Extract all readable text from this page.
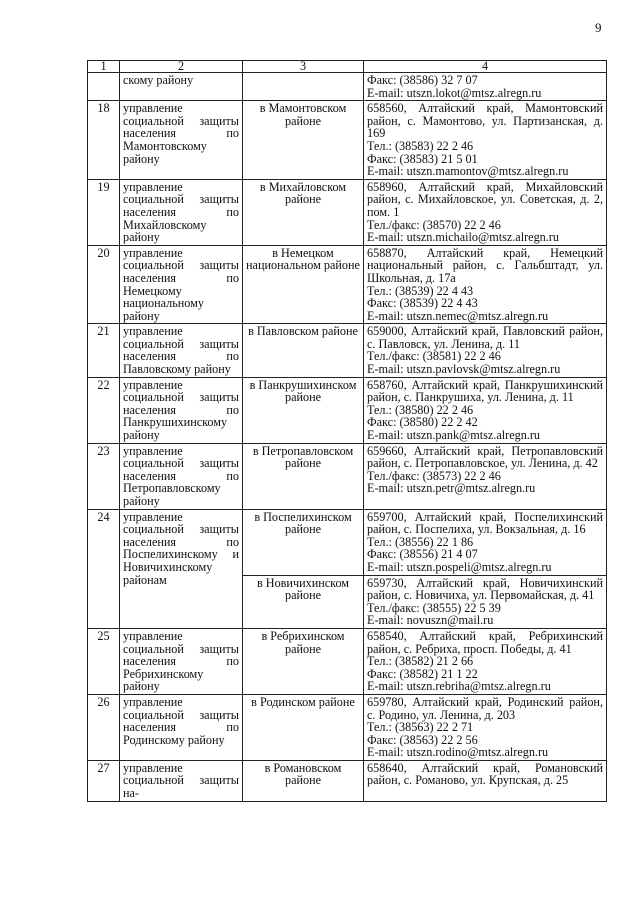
9
1	2	3	4
	скому району		Факс: (38586) 32 7 07
E-mail: utszn.lokot@mtsz.alregn.ru

18	управление социальной защиты населения по Мамонтовскому району	в Мамонтовском районе	658560, Алтайский край, Мамонтовский район, с. Мамонтово, ул. Партизанская, д. 169
Тел.: (38583) 22 2 46
Факс: (38583) 21 5 01
E-mail: utszn.mamontov@mtsz.alregn.ru

19	управление социальной защиты населения по Михайловскому району	в Михайловском районе	658960, Алтайский край, Михайловский район, с. Михайловское, ул. Советская, д. 2, пом. 1
Тел./факс: (38570) 22 2 46
E-mail: utszn.michailo@mtsz.alregn.ru

20	управление социальной защиты населения по Немецкому национальному району	в Немецком национальном районе	658870, Алтайский край, Немецкий национальный район, с. Гальбштадт, ул. Школьная, д. 17а
Тел.: (38539) 22 4 43
Факс: (38539) 22 4 43
E-mail: utszn.nemec@mtsz.alregn.ru

21	управление социальной защиты населения по Павловскому району	в Павловском районе	659000, Алтайский край, Павловский район, с. Павловск, ул. Ленина, д. 11
Тел./факс: (38581) 22 2 46
E-mail: utszn.pavlovsk@mtsz.alregn.ru

22	управление социальной защиты населения по Панкрушихинскому району	в Панкрушихинском районе	658760, Алтайский край, Панкрушихинский район, с. Панкрушиха, ул. Ленина, д. 11
Тел.: (38580) 22 2 46
Факс: (38580) 22 2 42
E-mail: utszn.pank@mtsz.alregn.ru

23	управление социальной защиты населения по Петропавловскому району	в Петропавловском районе	659660, Алтайский край, Петропавловский район, с. Петропавловское, ул. Ленина, д. 42
Тел./факс: (38573) 22 2 46
E-mail: utszn.petr@mtsz.alregn.ru

24	управление социальной защиты населения по Поспелихинскому и Новичихинскому районам	в Поспелихинском районе	659700, Алтайский край, Поспелихинский район, с. Поспелиха, ул. Вокзальная, д. 16
Тел.: (38556) 22 1 86
Факс: (38556) 21 4 07
E-mail: utszn.pospeli@mtsz.alregn.ru

		в Новичихинском районе	659730, Алтайский край, Новичихинский район, с. Новичиха, ул. Первомайская, д. 41
Тел./факс: (38555) 22 5 39
E-mail: novuszn@mail.ru

25	управление социальной защиты населения по Ребрихинскому району	в Ребрихинском районе	658540, Алтайский край, Ребрихинский район, с. Ребриха, просп. Победы, д. 41
Тел.: (38582) 21 2 66
Факс: (38582) 21 1 22
E-mail: utszn.rebriha@mtsz.alregn.ru

26	управление социальной защиты населения по Родинскому району	в Родинском районе	659780, Алтайский край, Родинский район, с. Родино, ул. Ленина, д. 203
Тел.: (38563) 22 2 71
Факс: (38563) 22 2 56
E-mail: utszn.rodino@mtsz.alregn.ru

27	управление социальной защиты на-	в Романовском районе	658640, Алтайский край, Романовский район, с. Романово, ул. Крупская, д. 25
